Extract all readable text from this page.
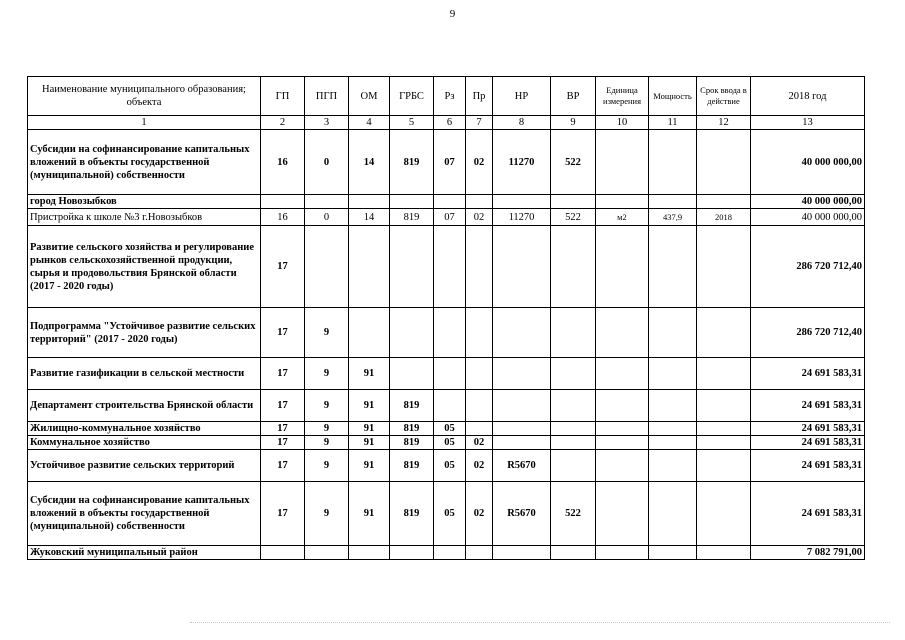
9
Наименование муниципального образования; объекта	ГП	ПГП	ОМ	ГРБС	Рз	Пр	НР	ВР	Единица измерения	Мощность	Срок ввода в действие	2018 год
1	2	3	4	5	6	7	8	9	10	11	12	13
Субсидии на софинансирование капитальных вложений в объекты государственной (муниципальной) собственности	16	0	14	819	07	02	11270	522				40 000 000,00
город Новозыбков												40 000 000,00
Пристройка к школе №3 г.Новозыбков	16	0	14	819	07	02	11270	522	м2	437,9	2018	40 000 000,00
Развитие сельского хозяйства и регулирование рынков сельскохозяйственной продукции, сырья и продовольствия Брянской области (2017 - 2020 годы)	17											286 720 712,40
Подпрограмма "Устойчивое развитие сельских территорий" (2017 - 2020 годы)	17	9										286 720 712,40
Развитие газификации в сельской местности	17	9	91									24 691 583,31
Департамент строительства Брянской области	17	9	91	819								24 691 583,31
Жилищно-коммунальное хозяйство	17	9	91	819	05							24 691 583,31
Коммунальное хозяйство	17	9	91	819	05	02						24 691 583,31
Устойчивое развитие сельских территорий	17	9	91	819	05	02	R5670					24 691 583,31
Субсидии на софинансирование капитальных вложений в объекты государственной (муниципальной) собственности	17	9	91	819	05	02	R5670	522				24 691 583,31
Жуковский муниципальный район												7 082 791,00
